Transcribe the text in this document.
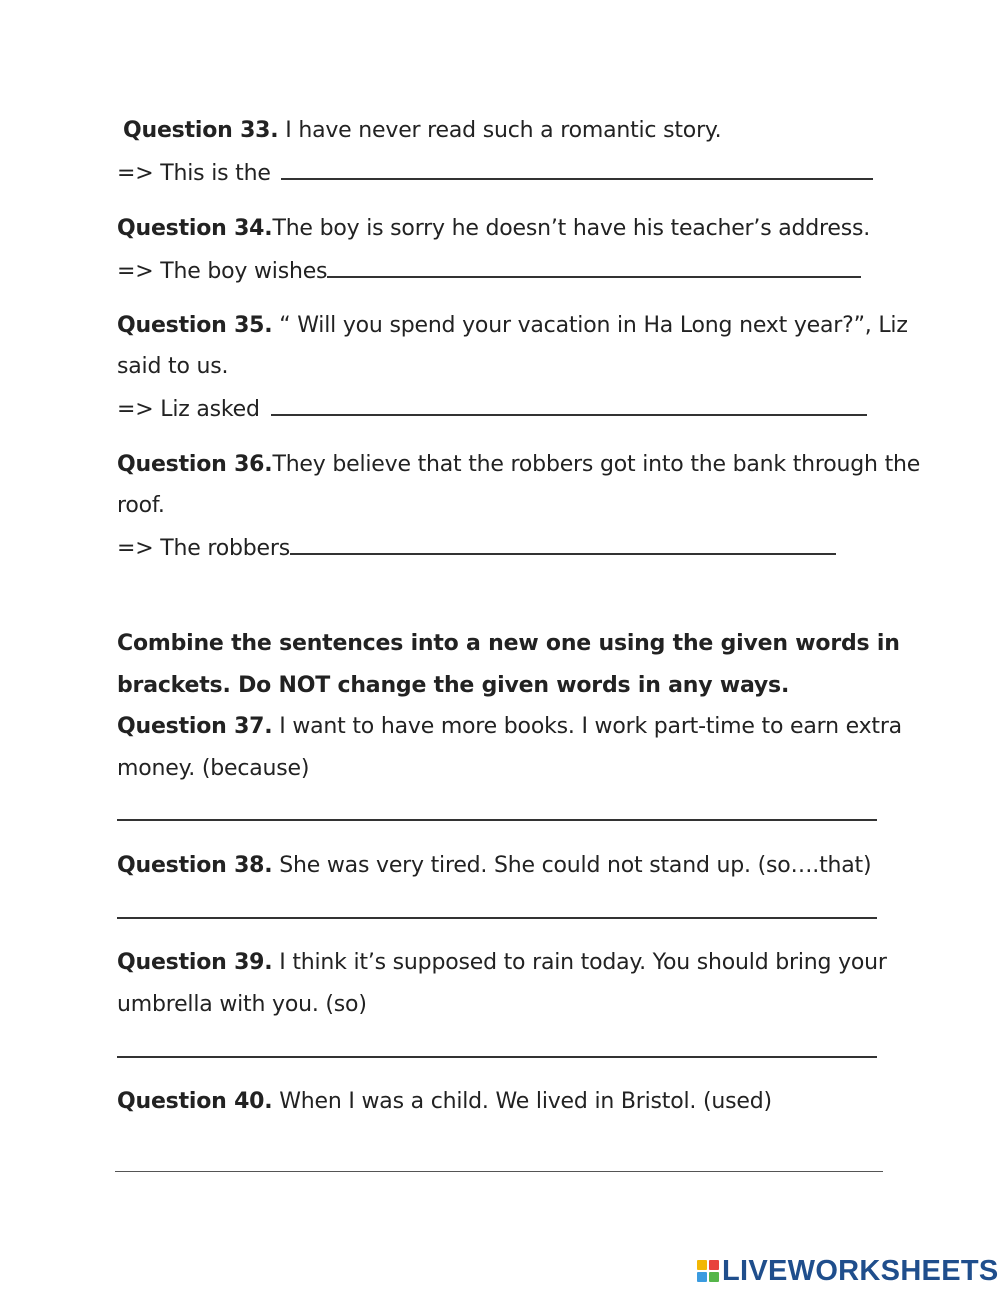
Question 33. I have never read such a romantic story.
=> This is the
Question 34.The boy is sorry he doesn’t have his teacher’s address.
=> The boy wishes
Question 35. “ Will you spend your vacation in Ha Long next year?”, Liz
said to us.
=> Liz asked
Question 36.They believe that the robbers got into the bank through the
roof.
=> The robbers
Combine the sentences into a new one using the given words in
brackets. Do NOT change the given words in any ways.
Question 37. I want to have more books. I work part-time to earn extra
money. (because)
Question 38. She was very tired. She could not stand up. (so….that)
Question 39. I think it’s supposed to rain today. You should bring your
umbrella with you. (so)
Question 40. When I was a child. We lived in Bristol. (used)
LIVEWORKSHEETS
